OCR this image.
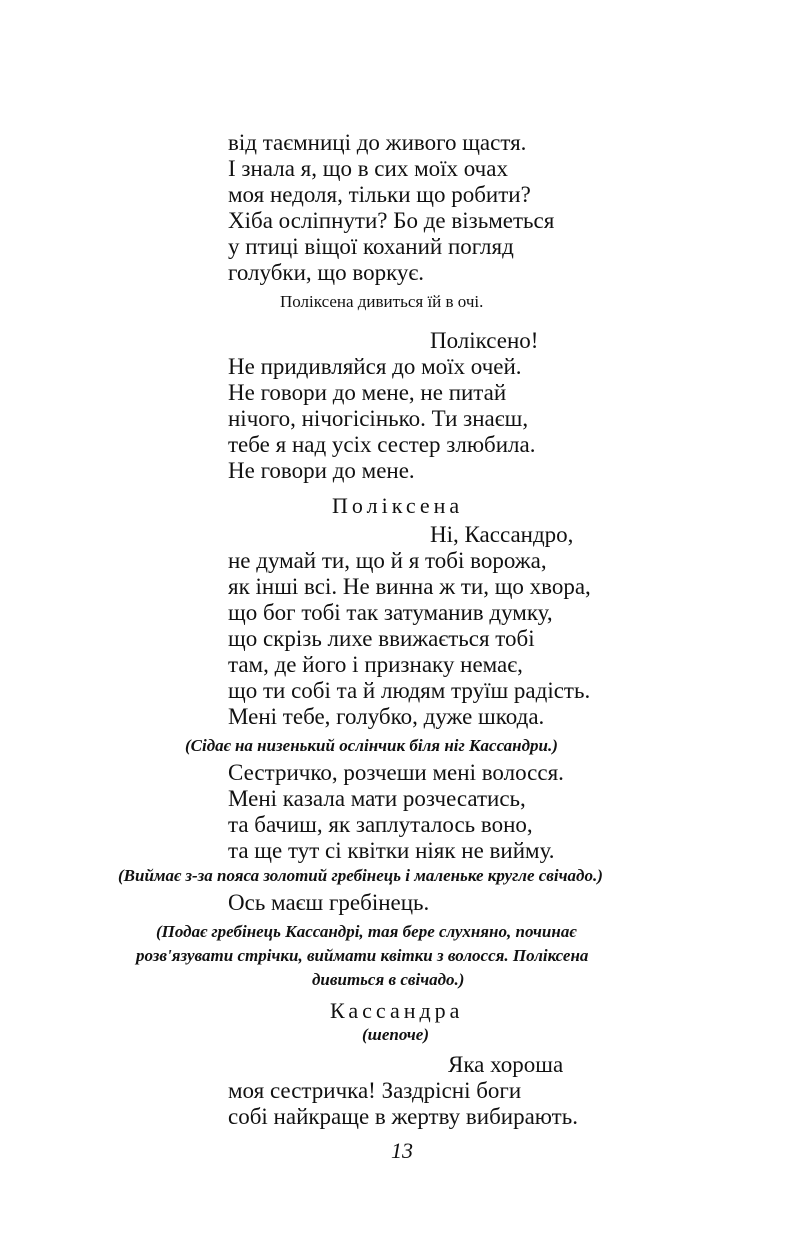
від таємниці до живого щастя.
І знала я, що в сих моїх очах
моя недоля, тільки що робити?
Хіба осліпнути? Бо де візьметься
у птиці віщої коханий погляд
голубки, що воркує.
Поліксена дивиться їй в очі.
Поліксено!
Не придивляйся до моїх очей.
Не говори до мене, не питай
нічого, нічогісінько. Ти знаєш,
тебе я над усіх сестер злюбила.
Не говори до мене.
Поліксена
Ні, Кассандро,
не думай ти, що й я тобі ворожа,
як інші всі. Не винна ж ти, що хвора,
що бог тобі так затуманив думку,
що скрізь лихе ввижається тобі
там, де його і признаку немає,
що ти собі та й людям труїш радість.
Мені тебе, голубко, дуже шкода.
(Сідає на низенький ослінчик біля ніг Кассандри.)
Сестричко, розчеши мені волосся.
Мені казала мати розчесатись,
та бачиш, як заплуталось воно,
та ще тут сі квітки ніяк не вийму.
(Виймає з-за пояса золотий гребінець і маленьке кругле свічадо.)
Ось маєш гребінець.
(Подає гребінець Кассандрі, тая бере слухняно, починає
розв'язувати стрічки, виймати квітки з волосся. Поліксена
дивиться в свічадо.)
Кассандра
(шепоче)
Яка хороша
моя сестричка! Заздрісні боги
собі найкраще в жертву вибирають.
13
